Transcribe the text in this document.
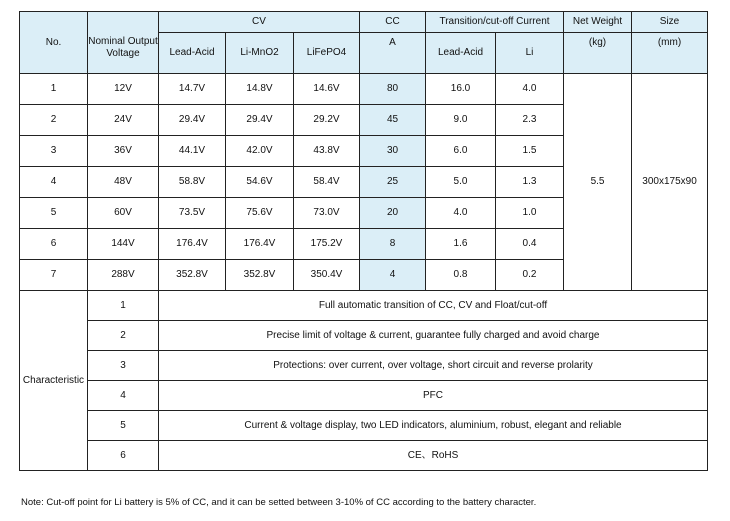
No.	Nominal Output Voltage	CV			CC	Transition/cut-off Current		Net Weight	Size
		Lead-Acid	Li-MnO2	LiFePO4	A	Lead-Acid	Li	(kg)	(mm)
1	12V	14.7V	14.8V	14.6V	80	16.0	4.0	5.5	300x175x90
2	24V	29.4V	29.4V	29.2V	45	9.0	2.3		
3	36V	44.1V	42.0V	43.8V	30	6.0	1.5		
4	48V	58.8V	54.6V	58.4V	25	5.0	1.3		
5	60V	73.5V	75.6V	73.0V	20	4.0	1.0		
6	144V	176.4V	176.4V	175.2V	8	1.6	0.4		
7	288V	352.8V	352.8V	350.4V	4	0.8	0.2		
Characteristic	1	Full automatic transition of CC, CV and Float/cut-off							
	2	Precise limit of voltage & current, guarantee fully charged and avoid charge							
	3	Protections: over current, over voltage, short circuit and reverse prolarity							
	4	PFC							
	5	Current & voltage display, two LED indicators, aluminium, robust, elegant and reliable							
	6	CE、RoHS							
Note: Cut-off point for Li battery is 5% of CC, and it can be setted between 3-10% of CC according to the battery character.
